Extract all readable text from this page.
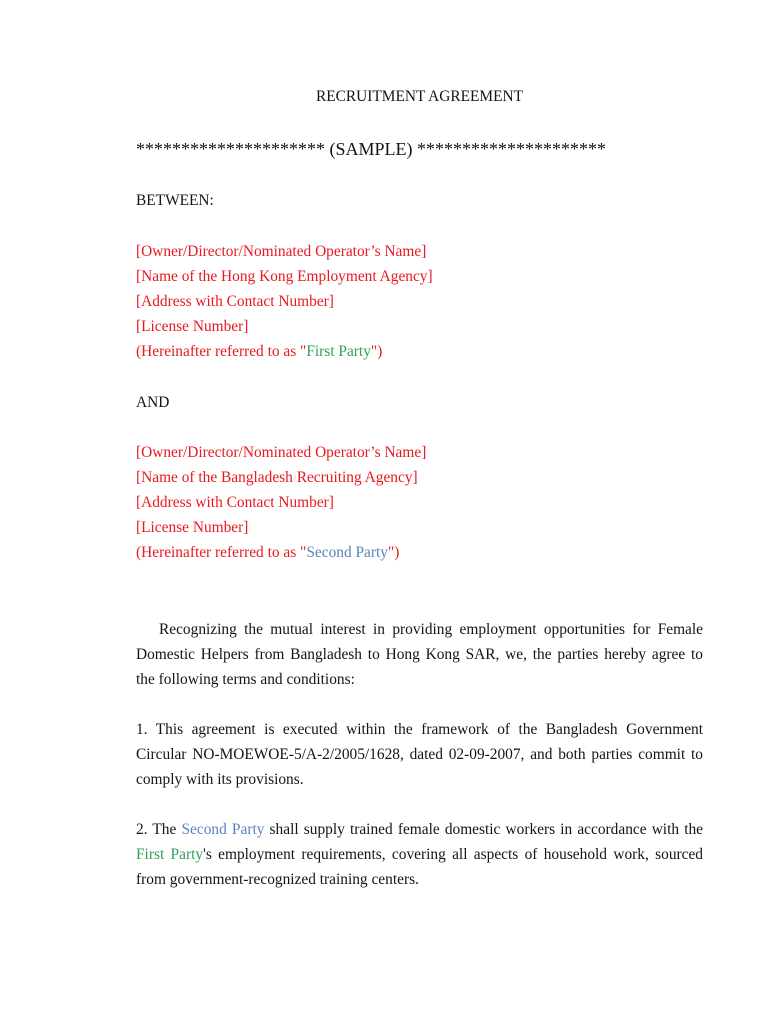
RECRUITMENT AGREEMENT
********************* (SAMPLE) *********************
BETWEEN:
[Owner/Director/Nominated Operator’s Name]
[Name of the Hong Kong Employment Agency]
[Address with Contact Number]
[License Number]
(Hereinafter referred to as "First Party")
AND
[Owner/Director/Nominated Operator’s Name]
[Name of the Bangladesh Recruiting Agency]
[Address with Contact Number]
[License Number]
(Hereinafter referred to as "Second Party")
Recognizing the mutual interest in providing employment opportunities for Female
Domestic Helpers from Bangladesh to Hong Kong SAR, we, the parties hereby agree to
the following terms and conditions:
1. This agreement is executed within the framework of the Bangladesh Government
Circular NO-MOEWOE-5/A-2/2005/1628, dated 02-09-2007, and both parties commit to
comply with its provisions.
2. The Second Party shall supply trained female domestic workers in accordance with the
First Party's employment requirements, covering all aspects of household work, sourced
from government-recognized training centers.
